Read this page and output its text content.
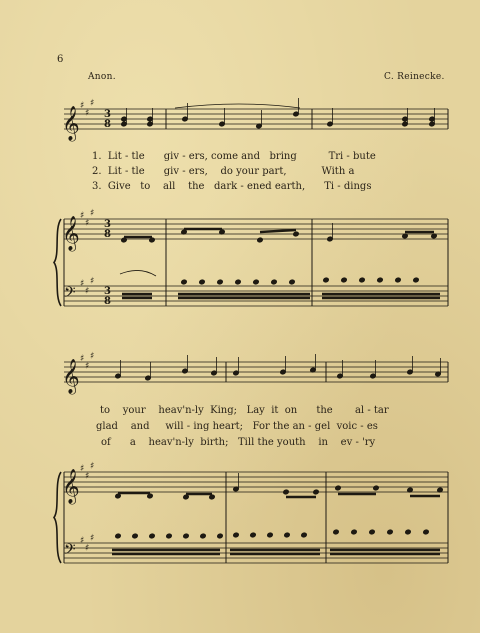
6
Anon.	C. Reinecke.
𝄞 ♯
♯
♯
3
8
𝄞 ♯
♯
♯
3
8
𝄢 ♯
♯
♯
3
8
𝄞 ♯
♯
♯
𝄞 ♯
♯
♯
𝄢 ♯
♯
♯
1. Lit - tle giv - ers, come and bring	Tri - bute
2. Lit - tle giv - ers, do your part,	With a
3. Give to all the dark - ened earth, Ti - dings
to your heav'n-ly King; Lay it on the al - tar
glad and will - ing heart; For the an - gel voic - es
of a heav'n-ly birth; Till the youth in ev - 'ry
